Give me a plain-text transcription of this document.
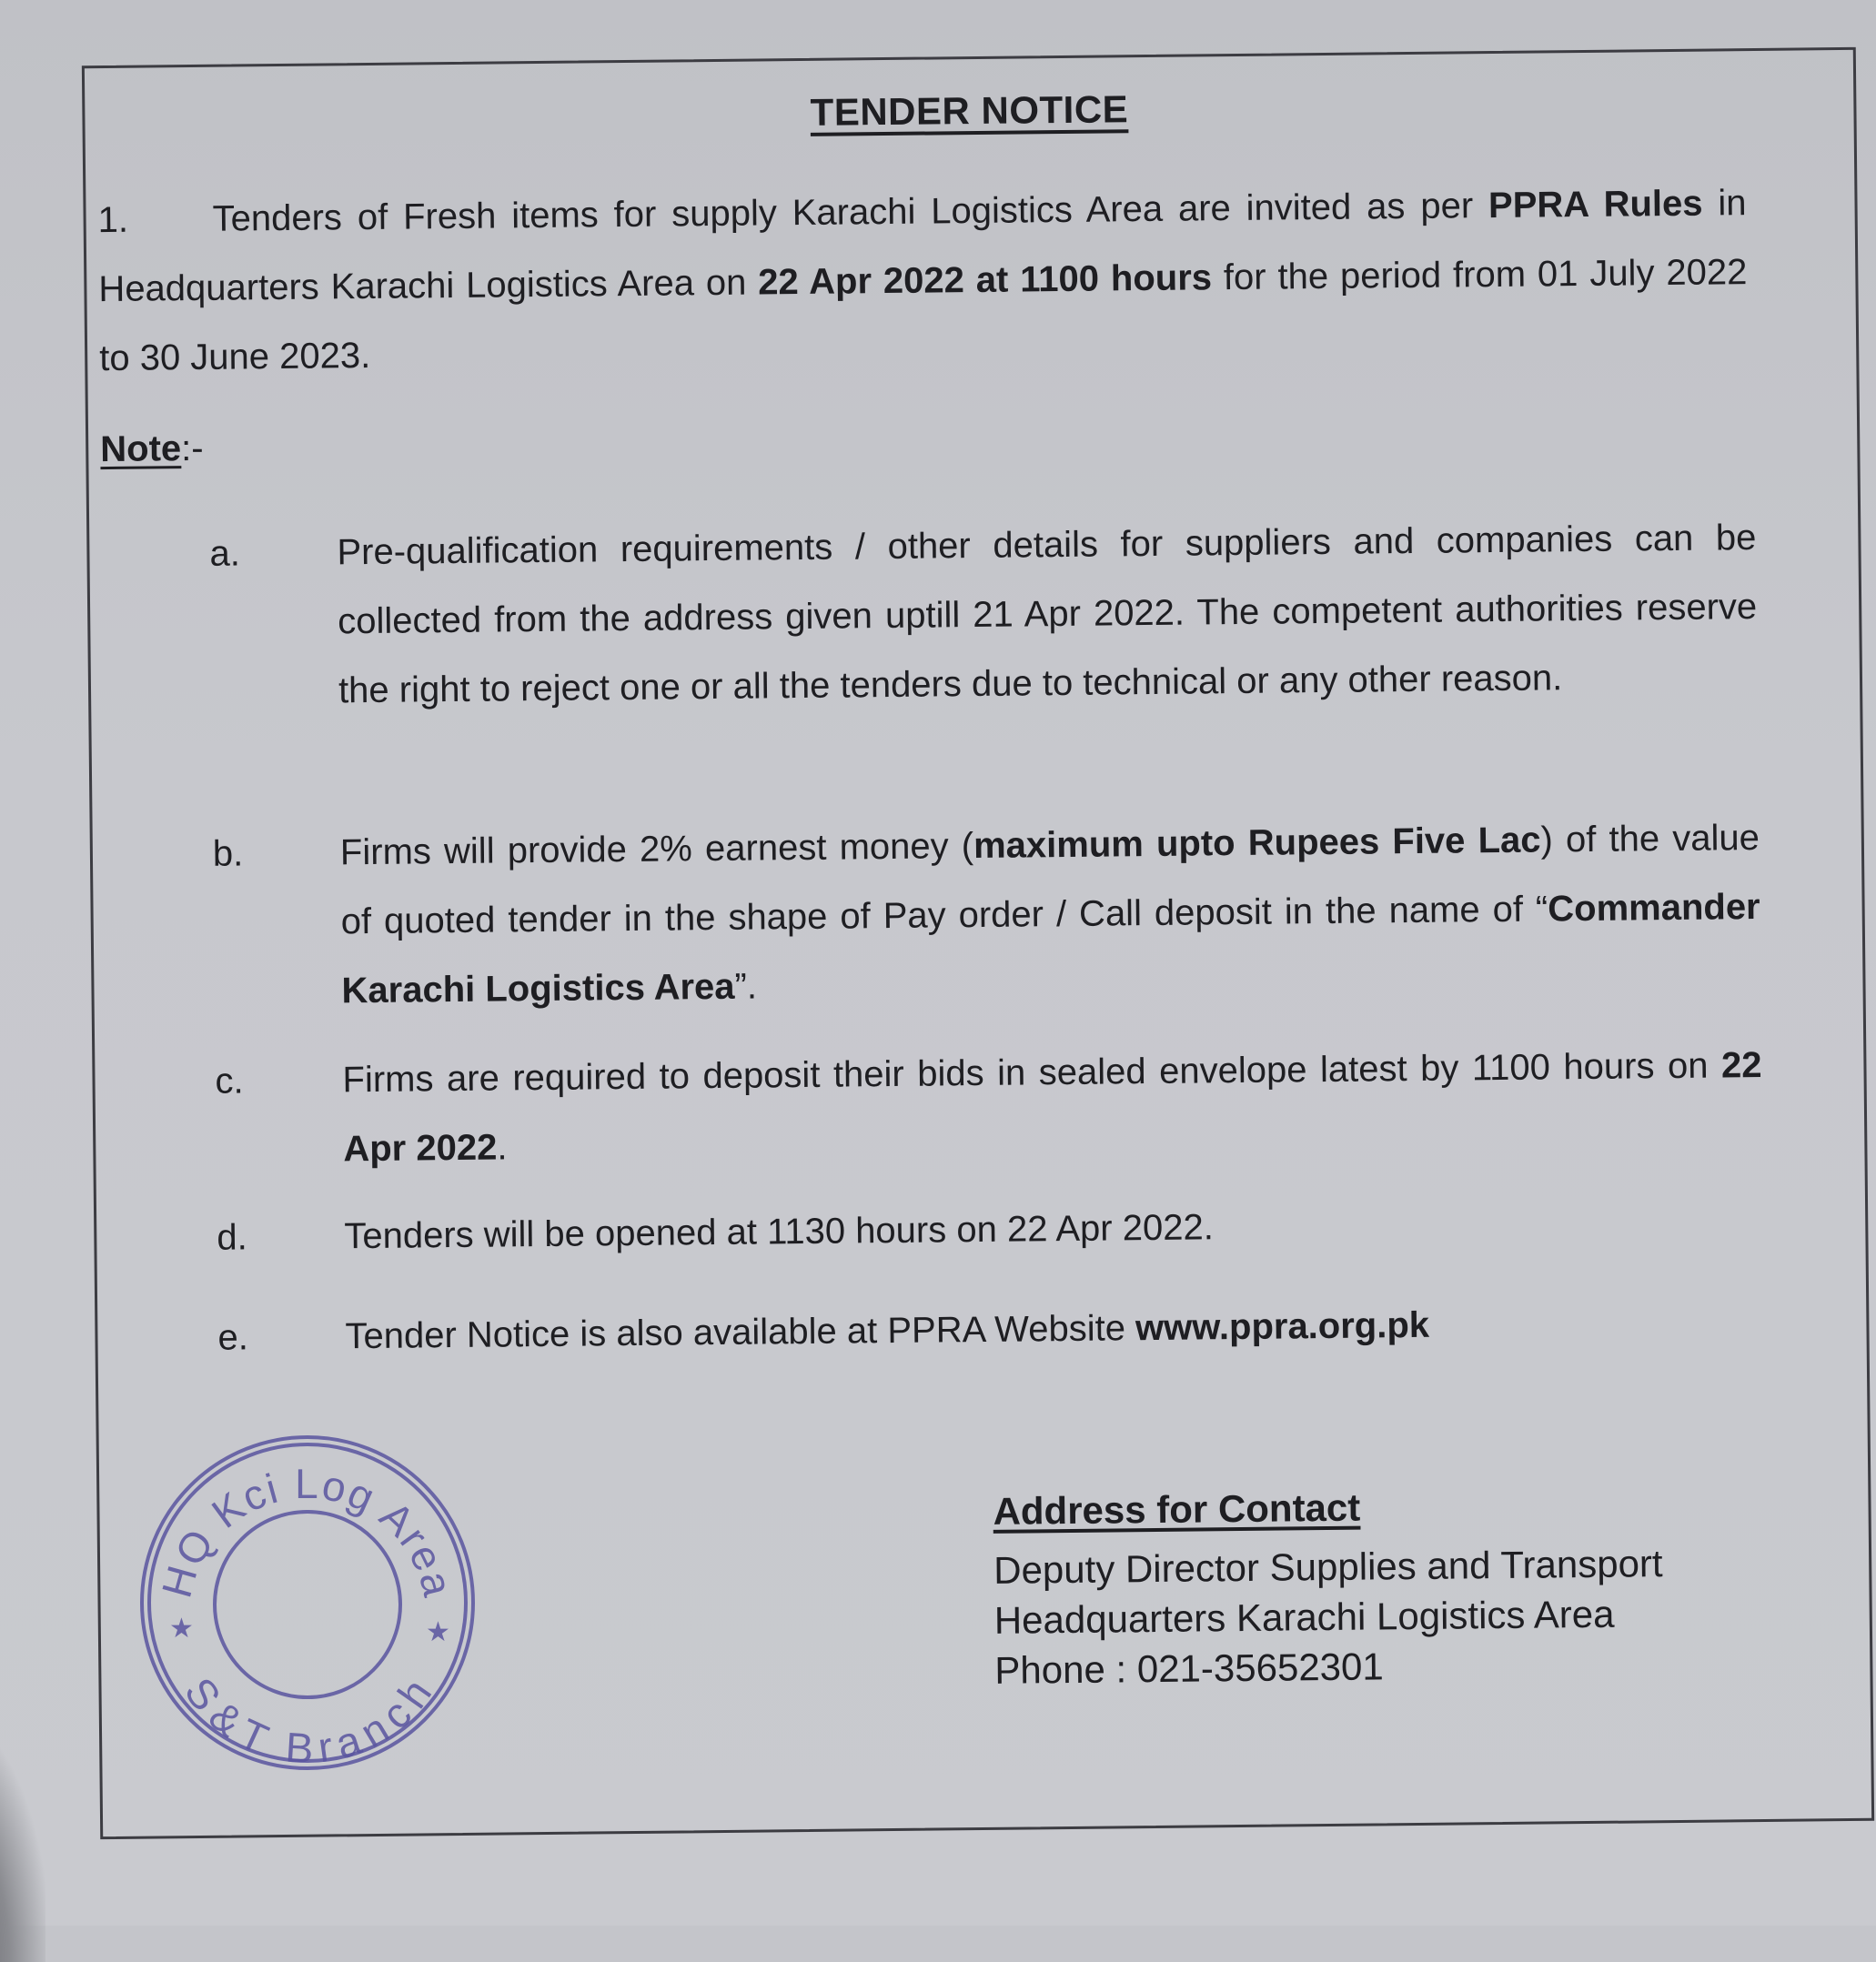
TENDER NOTICE
1. Tenders of Fresh items for supply Karachi Logistics Area are invited as per PPRA Rules in Headquarters Karachi Logistics Area on 22 Apr 2022 at 1100 hours for the period from 01 July 2022 to 30 June 2023.
Note:-
a.	Pre-qualification requirements / other details for suppliers and companies can be collected from the address given uptill 21 Apr 2022. The competent authorities reserve the right to reject one or all the tenders due to technical or any other reason.
b.	Firms will provide 2% earnest money (maximum upto Rupees Five Lac) of the value of quoted tender in the shape of Pay order / Call deposit in the name of “Commander Karachi Logistics Area”.
c.	Firms are required to deposit their bids in sealed envelope latest by 1100 hours on 22 Apr 2022.
d.	Tenders will be opened at 1130 hours on 22 Apr 2022.
e.	Tender Notice is also available at PPRA Website www.ppra.org.pk
Address for Contact
Deputy Director Supplies and Transport
Headquarters Karachi Logistics Area
Phone : 021-35652301
HQ Kci Log Area
S&T Branch
★	★
